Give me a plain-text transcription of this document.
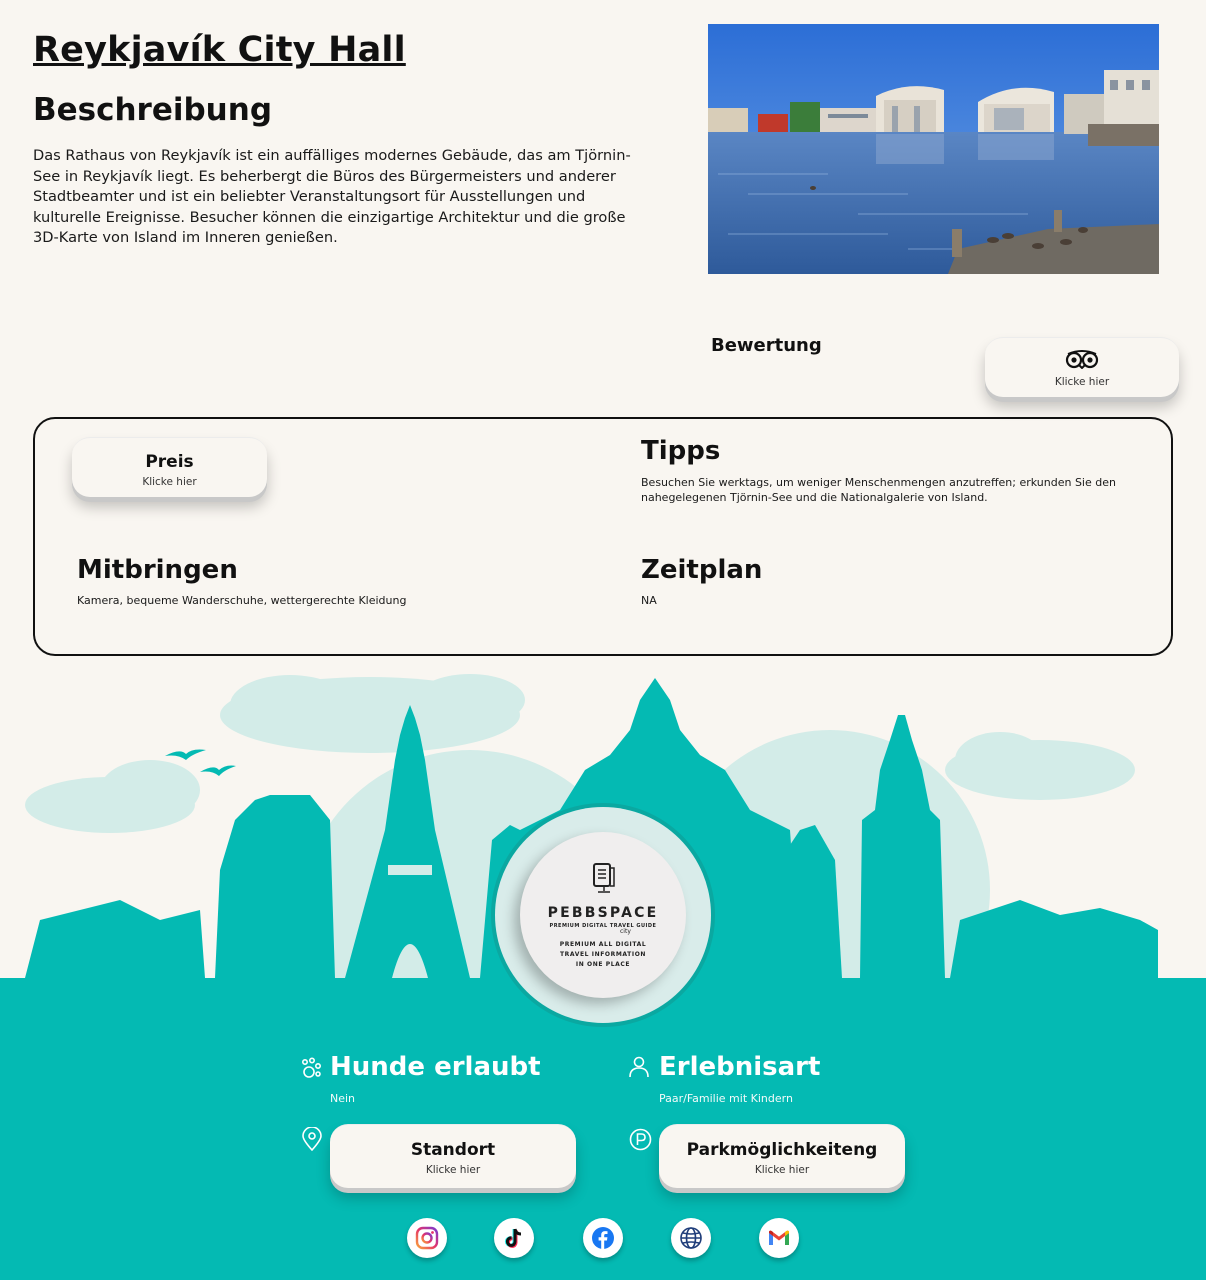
Reykjavík City Hall
Beschreibung

Das Rathaus von Reykjavík ist ein auffälliges modernes Gebäude, das am Tjörnin-See in Reykjavík liegt. Es beherbergt die Büros des Bürgermeisters und anderer Stadtbeamter und ist ein beliebter Veranstaltungsort für Ausstellungen und kulturelle Ereignisse. Besucher können die einzigartige Architektur und die große 3D-Karte von Island im Inneren genießen.

Bewertung
Klicke hier
Preis
Klicke hier
Tipps
Besuchen Sie werktags, um weniger Menschenmengen anzutreffen; erkunden Sie den nahegelegenen Tjörnin-See und die Nationalgalerie von Island.
Mitbringen
Kamera, bequeme Wanderschuhe, wettergerechte Kleidung
Zeitplan
NA
PEBBSPACE
PREMIUM DIGITAL TRAVEL GUIDE
city
PREMIUM ALL DIGITAL
TRAVEL INFORMATION
IN ONE PLACE
Hunde erlaubt
Nein
Erlebnisart
Paar/Familie mit Kindern
Standort
Klicke hier
Parkmöglichkeiteng
Klicke hier
